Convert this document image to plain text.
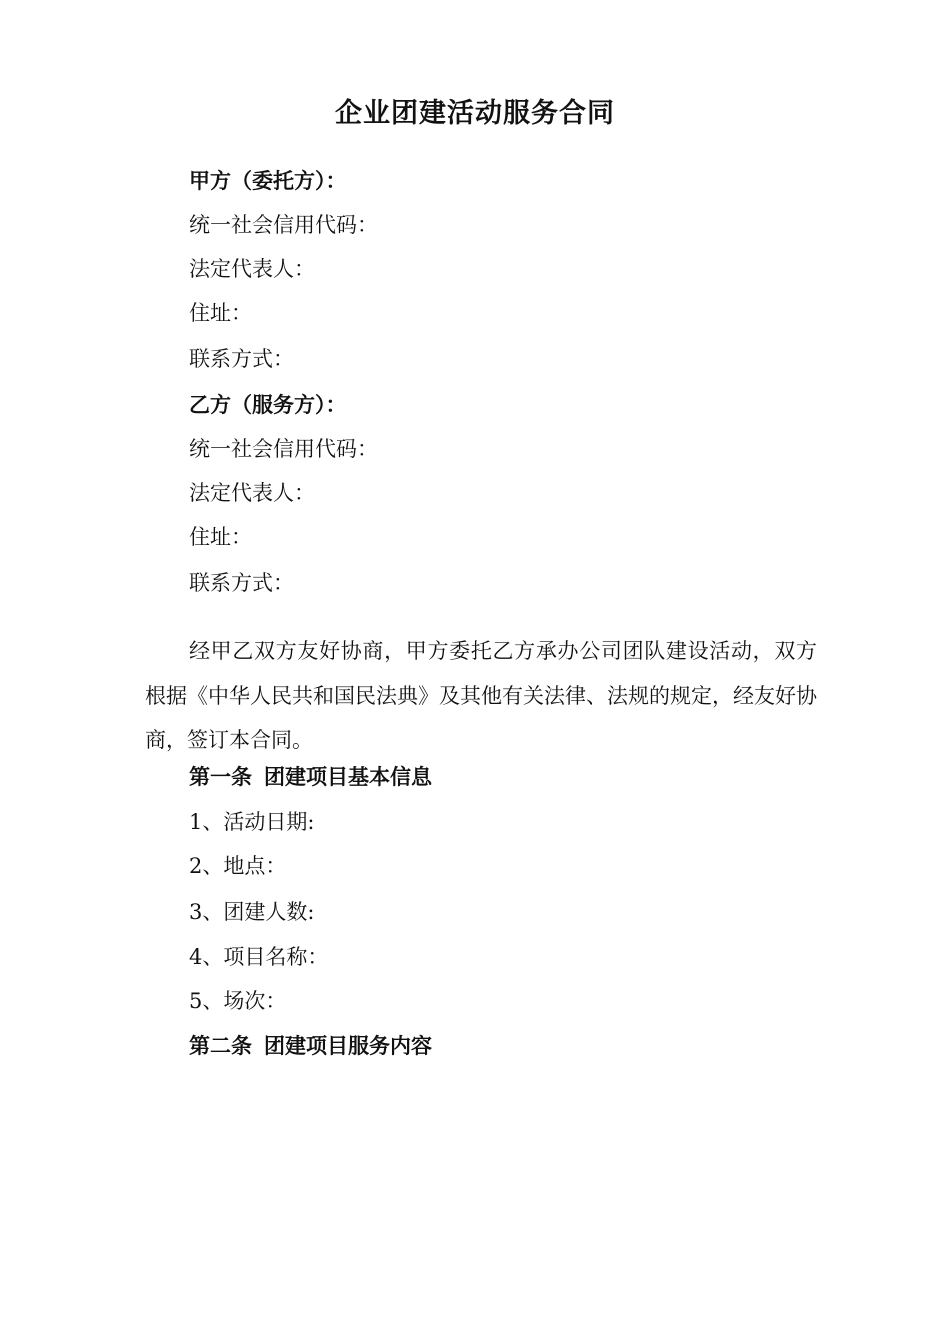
企业团建活动服务合同
甲方（委托方）：
统一社会信用代码：
法定代表人：
住址：
联系方式：
乙方（服务方）：
统一社会信用代码：
法定代表人：
住址：
联系方式：
经甲乙双方友好协商，甲方委托乙方承办公司团队建设活动，双方根据《中华人民共和国民法典》及其他有关法律、法规的规定，经友好协商，签订本合同。
第一条 团建项目基本信息
1、活动日期:
2、地点：
3、团建人数:
4、项目名称：
5、场次：
第二条 团建项目服务内容
